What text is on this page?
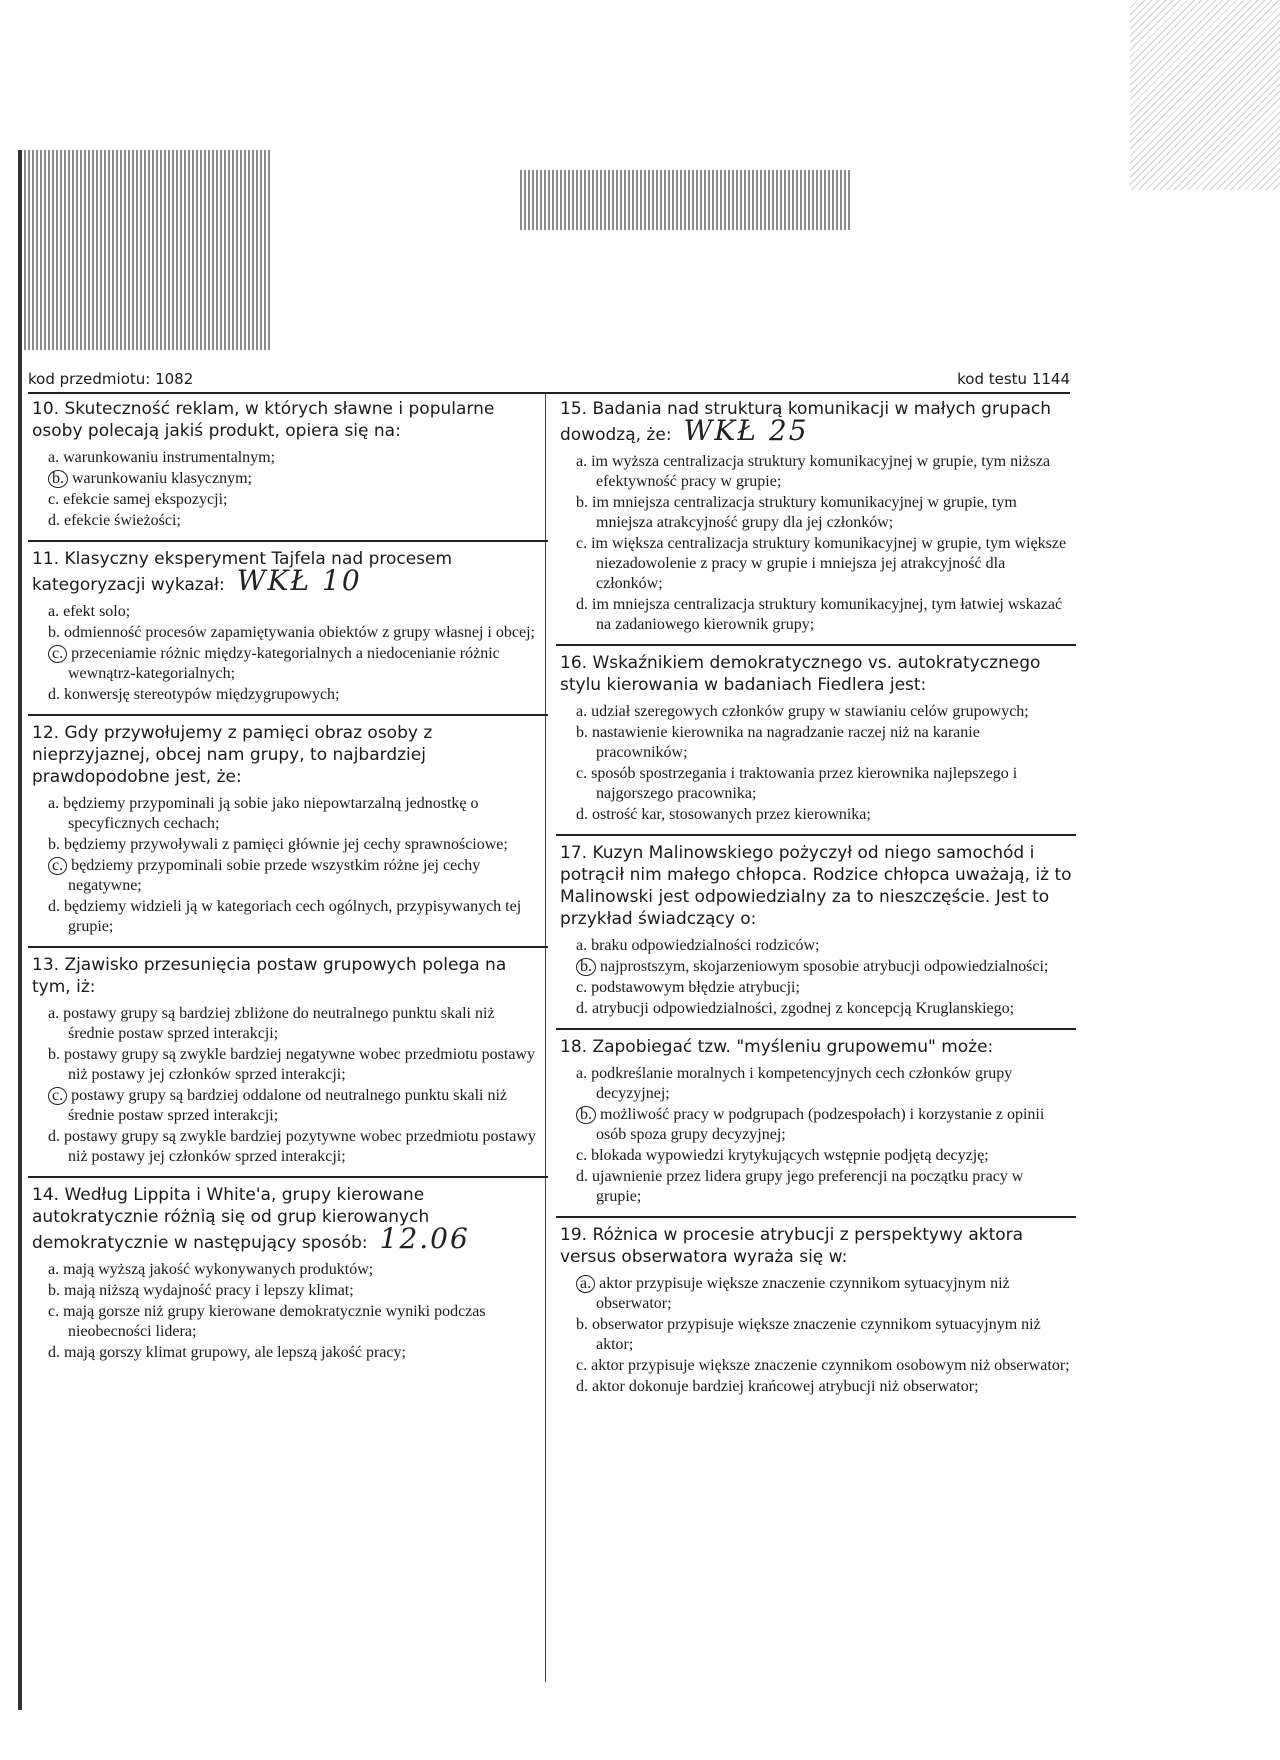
kod przedmiotu: 1082	kod testu 1144
10. Skuteczność reklam, w których sławne i popularne osoby polecają jakiś produkt, opiera się na:
a. warunkowaniu instrumentalnym;
b. warunkowaniu klasycznym;
c. efekcie samej ekspozycji;
d. efekcie świeżości;
11. Klasyczny eksperyment Tajfela nad procesem kategoryzacji wykazał: WKŁ 10
a. efekt solo;
b. odmienność procesów zapamiętywania obiektów z grupy własnej i obcej;
c. przeceniamie różnic między-kategorialnych a niedocenianie różnic wewnątrz-kategorialnych;
d. konwersję stereotypów międzygrupowych;
12. Gdy przywołujemy z pamięci obraz osoby z nieprzyjaznej, obcej nam grupy, to najbardziej prawdopodobne jest, że:
a. będziemy przypominali ją sobie jako niepowtarzalną jednostkę o specyficznych cechach;
b. będziemy przywoływali z pamięci głównie jej cechy sprawnościowe;
c. będziemy przypominali sobie przede wszystkim różne jej cechy negatywne;
d. będziemy widzieli ją w kategoriach cech ogólnych, przypisywanych tej grupie;
13. Zjawisko przesunięcia postaw grupowych polega na tym, iż:
a. postawy grupy są bardziej zbliżone do neutralnego punktu skali niż średnie postaw sprzed interakcji;
b. postawy grupy są zwykle bardziej negatywne wobec przedmiotu postawy niż postawy jej członków sprzed interakcji;
c. postawy grupy są bardziej oddalone od neutralnego punktu skali niż średnie postaw sprzed interakcji;
d. postawy grupy są zwykle bardziej pozytywne wobec przedmiotu postawy niż postawy jej członków sprzed interakcji;
14. Według Lippita i White'a, grupy kierowane autokratycznie różnią się od grup kierowanych demokratycznie w następujący sposób: 12.06
a. mają wyższą jakość wykonywanych produktów;
b. mają niższą wydajność pracy i lepszy klimat;
c. mają gorsze niż grupy kierowane demokratycznie wyniki podczas nieobecności lidera;
d. mają gorszy klimat grupowy, ale lepszą jakość pracy;
15. Badania nad strukturą komunikacji w małych grupach dowodzą, że: WKŁ 25
a. im wyższa centralizacja struktury komunikacyjnej w grupie, tym niższa efektywność pracy w grupie;
b. im mniejsza centralizacja struktury komunikacyjnej w grupie, tym mniejsza atrakcyjność grupy dla jej członków;
c. im większa centralizacja struktury komunikacyjnej w grupie, tym większe niezadowolenie z pracy w grupie i mniejsza jej atrakcyjność dla członków;
d. im mniejsza centralizacja struktury komunikacyjnej, tym łatwiej wskazać na zadaniowego kierownik grupy;
16. Wskaźnikiem demokratycznego vs. autokratycznego stylu kierowania w badaniach Fiedlera jest:
a. udział szeregowych członków grupy w stawianiu celów grupowych;
b. nastawienie kierownika na nagradzanie raczej niż na karanie pracowników;
c. sposób spostrzegania i traktowania przez kierownika najlepszego i najgorszego pracownika;
d. ostrość kar, stosowanych przez kierownika;
17. Kuzyn Malinowskiego pożyczył od niego samochód i potrącił nim małego chłopca. Rodzice chłopca uważają, iż to Malinowski jest odpowiedzialny za to nieszczęście. Jest to przykład świadczący o:
a. braku odpowiedzialności rodziców;
b. najprostszym, skojarzeniowym sposobie atrybucji odpowiedzialności;
c. podstawowym błędzie atrybucji;
d. atrybucji odpowiedzialności, zgodnej z koncepcją Kruglanskiego;
18. Zapobiegać tzw. "myśleniu grupowemu" może:
a. podkreślanie moralnych i kompetencyjnych cech członków grupy decyzyjnej;
b. możliwość pracy w podgrupach (podzespołach) i korzystanie z opinii osób spoza grupy decyzyjnej;
c. blokada wypowiedzi krytykujących wstępnie podjętą decyzję;
d. ujawnienie przez lidera grupy jego preferencji na początku pracy w grupie;
19. Różnica w procesie atrybucji z perspektywy aktora versus obserwatora wyraża się w:
a. aktor przypisuje większe znaczenie czynnikom sytuacyjnym niż obserwator;
b. obserwator przypisuje większe znaczenie czynnikom sytuacyjnym niż aktor;
c. aktor przypisuje większe znaczenie czynnikom osobowym niż obserwator;
d. aktor dokonuje bardziej krańcowej atrybucji niż obserwator;
